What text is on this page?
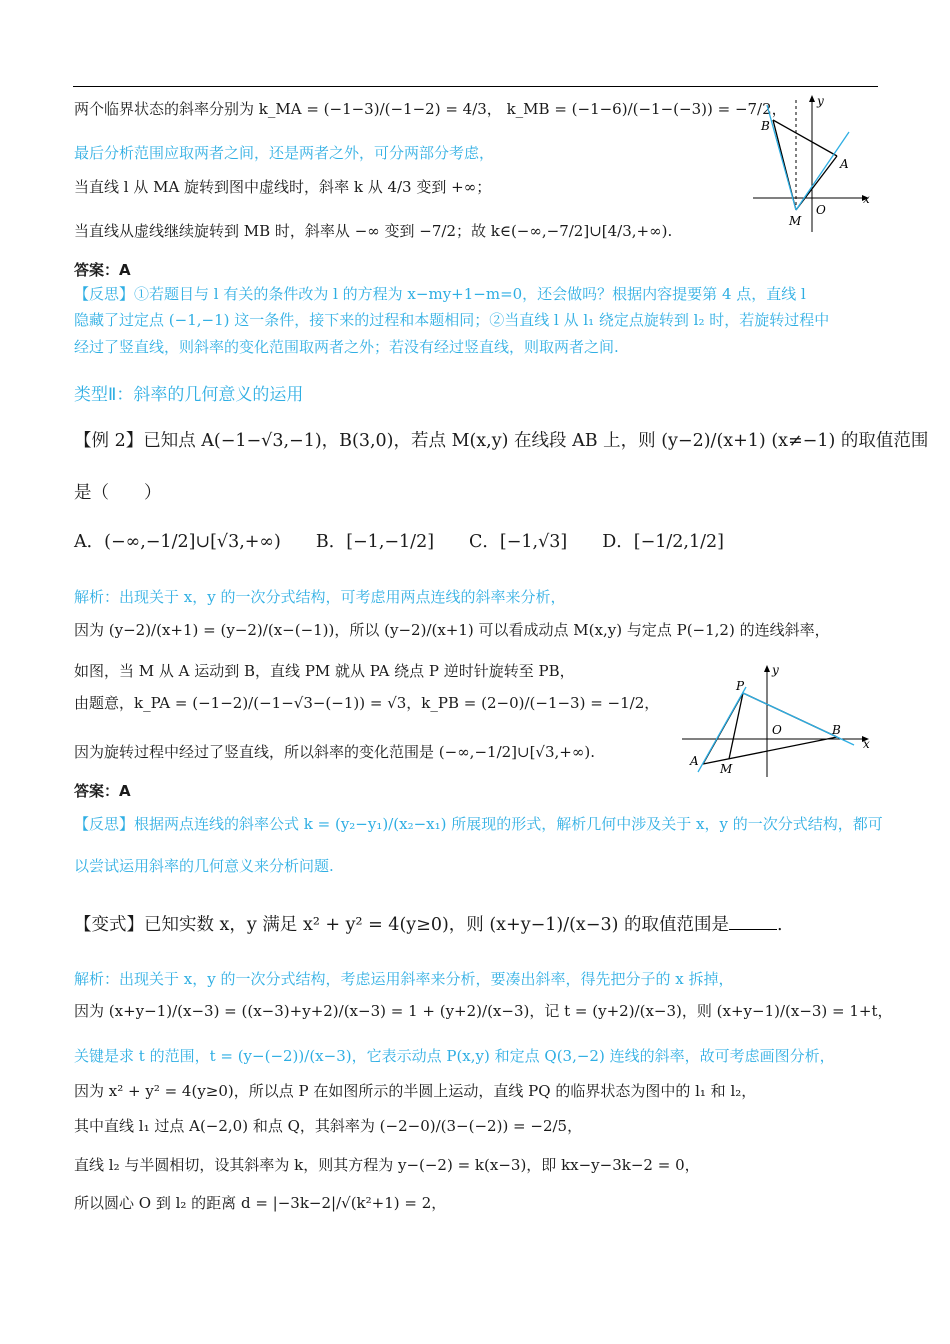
两个临界状态的斜率分别为 k_MA = (−1−3)/(−1−2) = 4/3， k_MB = (−1−6)/(−1−(−3)) = −7/2，
最后分析范围应取两者之间，还是两者之外，可分两部分考虑，
当直线 l 从 MA 旋转到图中虚线时，斜率 k 从 4/3 变到 +∞；
当直线从虚线继续旋转到 MB 时，斜率从 −∞ 变到 −7/2；故 k∈(−∞,−7/2]∪[4/3,+∞).
答案：A
【反思】①若题目与 l 有关的条件改为 l 的方程为 x−my+1−m=0，还会做吗？根据内容提要第 4 点，直线 l
隐藏了过定点 (−1,−1) 这一条件，接下来的过程和本题相同；②当直线 l 从 l₁ 绕定点旋转到 l₂ 时，若旋转过程中
经过了竖直线，则斜率的变化范围取两者之外；若没有经过竖直线，则取两者之间.
类型Ⅱ：斜率的几何意义的运用
【例 2】已知点 A(−1−√3,−1)，B(3,0)，若点 M(x,y) 在线段 AB 上，则 (y−2)/(x+1) (x≠−1) 的取值范围
是（　　）
A．(−∞,−1/2]∪[√3,+∞)　　B．[−1,−1/2]　　C．[−1,√3]　　D．[−1/2,1/2]
解析：出现关于 x，y 的一次分式结构，可考虑用两点连线的斜率来分析，
因为 (y−2)/(x+1) = (y−2)/(x−(−1))，所以 (y−2)/(x+1) 可以看成动点 M(x,y) 与定点 P(−1,2) 的连线斜率，
如图，当 M 从 A 运动到 B，直线 PM 就从 PA 绕点 P 逆时针旋转至 PB，
由题意，k_PA = (−1−2)/(−1−√3−(−1)) = √3，k_PB = (2−0)/(−1−3) = −1/2，
因为旋转过程中经过了竖直线，所以斜率的变化范围是 (−∞,−1/2]∪[√3,+∞).
答案：A
【反思】根据两点连线的斜率公式 k = (y₂−y₁)/(x₂−x₁) 所展现的形式，解析几何中涉及关于 x，y 的一次分式结构，都可
以尝试运用斜率的几何意义来分析问题.
【变式】已知实数 x，y 满足 x² + y² = 4(y≥0)，则 (x+y−1)/(x−3) 的取值范围是	.
解析：出现关于 x，y 的一次分式结构，考虑运用斜率来分析，要凑出斜率，得先把分子的 x 拆掉，
因为 (x+y−1)/(x−3) = ((x−3)+y+2)/(x−3) = 1 + (y+2)/(x−3)，记 t = (y+2)/(x−3)，则 (x+y−1)/(x−3) = 1+t，
关键是求 t 的范围，t = (y−(−2))/(x−3)，它表示动点 P(x,y) 和定点 Q(3,−2) 连线的斜率，故可考虑画图分析，
因为 x² + y² = 4(y≥0)，所以点 P 在如图所示的半圆上运动，直线 PQ 的临界状态为图中的 l₁ 和 l₂，
其中直线 l₁ 过点 A(−2,0) 和点 Q，其斜率为 (−2−0)/(3−(−2)) = −2/5，
直线 l₂ 与半圆相切，设其斜率为 k，则其方程为 y−(−2) = k(x−3)，即 kx−y−3k−2 = 0，
所以圆心 O 到 l₂ 的距离 d = |−3k−2|/√(k²+1) = 2，
B
A
M
O
x
y
P
O	B
A
M
x
y
